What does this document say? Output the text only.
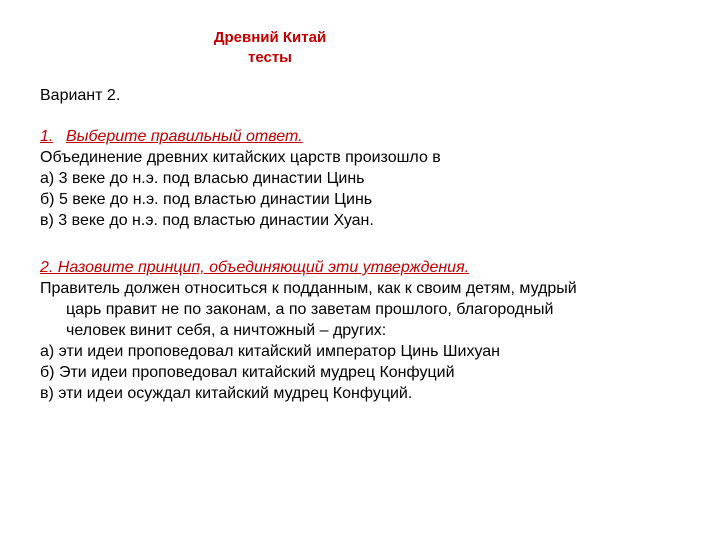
Древний Китай
тесты
Вариант 2.
1. Выберите правильный ответ.
Объединение древних китайских царств произошло в
а) 3 веке до н.э. под власью династии Цинь
б) 5 веке до н.э. под властью династии Цинь
в) 3 веке до н.э. под властью династии Хуан.
2. Назовите принцип, объединяющий эти утверждения.
Правитель должен относиться к подданным, как к своим детям, мудрый
царь правит не по законам, а по заветам прошлого, благородный
человек винит себя, а ничтожный – других:
а) эти идеи проповедовал китайский император Цинь Шихуан
б) Эти идеи проповедовал китайский мудрец Конфуций
в) эти идеи осуждал китайский мудрец Конфуций.
